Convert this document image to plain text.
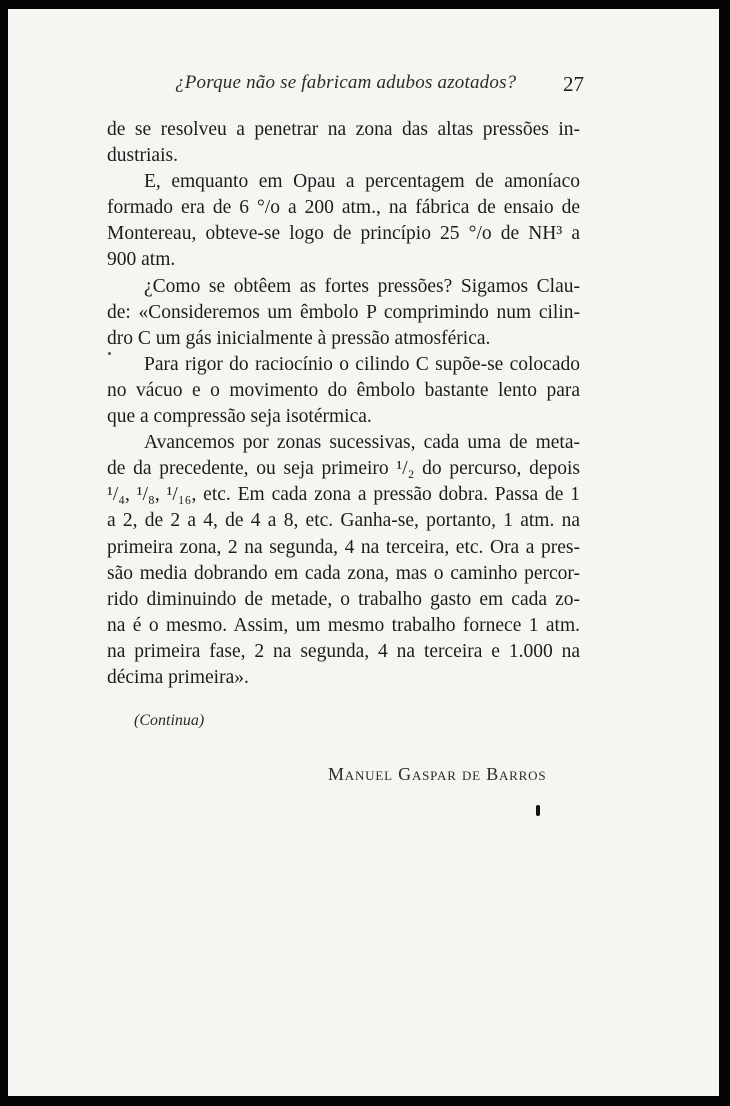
¿Porque não se fabricam adubos azotados? 27
de se resolveu a penetrar na zona das altas pressões in-
dustriais.
E, emquanto em Opau a percentagem de amoníaco
formado era de 6 °/o a 200 atm., na fábrica de ensaio de
Montereau, obteve-se logo de princípio 25 °/o de NH³ a
900 atm.
¿Como se obtêem as fortes pressões? Sigamos Clau-
de: «Consideremos um êmbolo P comprimindo num cilin-
dro C um gás inicialmente à pressão atmosférica.
Para rigor do raciocínio o cilindo C supõe-se colocado
no vácuo e o movimento do êmbolo bastante lento para
que a compressão seja isotérmica.
Avancemos por zonas sucessivas, cada uma de meta-
de da precedente, ou seja primeiro ¹/₂ do percurso, depois
¹/₄, ¹/₈, ¹/₁₆, etc. Em cada zona a pressão dobra. Passa de 1
a 2, de 2 a 4, de 4 a 8, etc. Ganha-se, portanto, 1 atm. na
primeira zona, 2 na segunda, 4 na terceira, etc. Ora a pres-
são media dobrando em cada zona, mas o caminho percor-
rido diminuindo de metade, o trabalho gasto em cada zo-
na é o mesmo. Assim, um mesmo trabalho fornece 1 atm.
na primeira fase, 2 na segunda, 4 na terceira e 1.000 na
décima primeira».
(Continua)
Manuel Gaspar de Barros
